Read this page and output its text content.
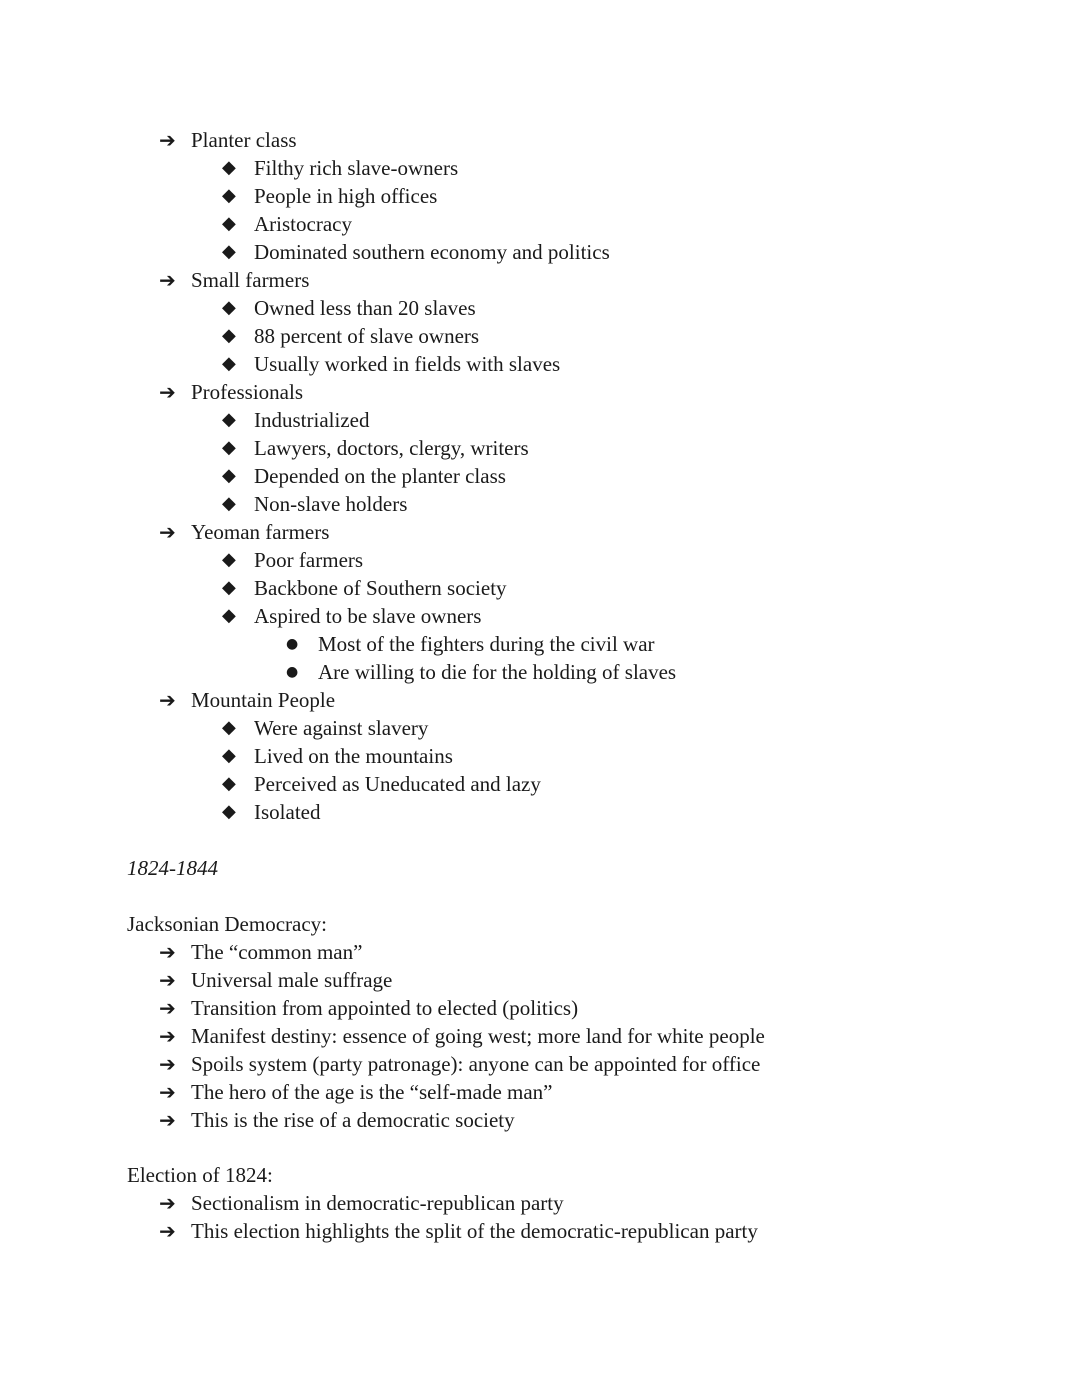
➔ Planter class
◆ Filthy rich slave-owners
◆ People in high offices
◆ Aristocracy
◆ Dominated southern economy and politics
➔ Small farmers
◆ Owned less than 20 slaves
◆ 88 percent of slave owners
◆ Usually worked in fields with slaves
➔ Professionals
◆ Industrialized
◆ Lawyers, doctors, clergy, writers
◆ Depended on the planter class
◆ Non-slave holders
➔ Yeoman farmers
◆ Poor farmers
◆ Backbone of Southern society
◆ Aspired to be slave owners
● Most of the fighters during the civil war
● Are willing to die for the holding of slaves
➔ Mountain People
◆ Were against slavery
◆ Lived on the mountains
◆ Perceived as Uneducated and lazy
◆ Isolated
1824-1844
Jacksonian Democracy:
➔ The “common man”
➔ Universal male suffrage
➔ Transition from appointed to elected (politics)
➔ Manifest destiny: essence of going west; more land for white people
➔ Spoils system (party patronage): anyone can be appointed for office
➔ The hero of the age is the “self-made man”
➔ This is the rise of a democratic society
Election of 1824:
➔ Sectionalism in democratic-republican party
➔ This election highlights the split of the democratic-republican party
